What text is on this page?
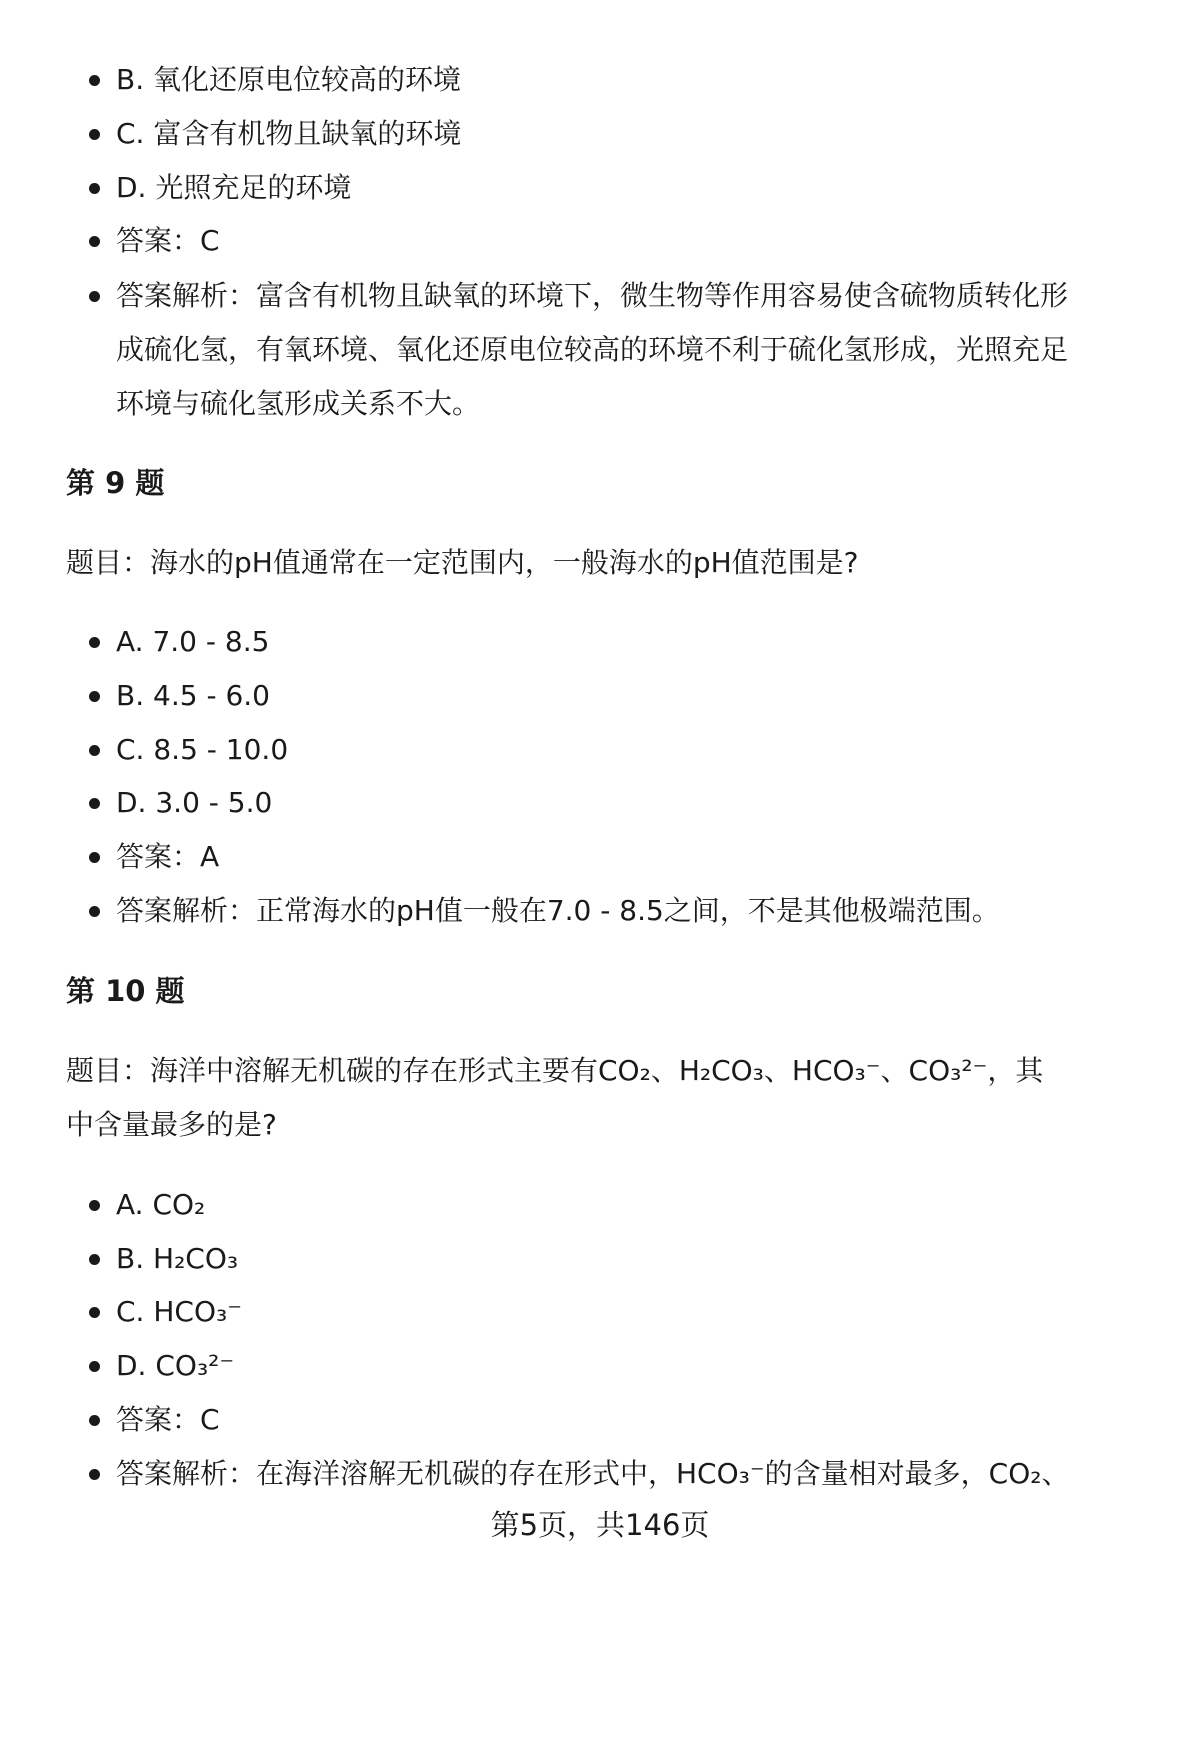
B. 氧化还原电位较高的环境
C. 富含有机物且缺氧的环境
D. 光照充足的环境
答案：C
答案解析：富含有机物且缺氧的环境下，微生物等作用容易使含硫物质转化形
成硫化氢，有氧环境、氧化还原电位较高的环境不利于硫化氢形成，光照充足
环境与硫化氢形成关系不大。
第 9 题
题目：海水的pH值通常在一定范围内，一般海水的pH值范围是?
A. 7.0 - 8.5
B. 4.5 - 6.0
C. 8.5 - 10.0
D. 3.0 - 5.0
答案：A
答案解析：正常海水的pH值一般在7.0 - 8.5之间，不是其他极端范围。
第 10 题
题目：海洋中溶解无机碳的存在形式主要有CO₂、H₂CO₃、HCO₃⁻、CO₃²⁻，其
中含量最多的是?
A. CO₂
B. H₂CO₃
C. HCO₃⁻
D. CO₃²⁻
答案：C
答案解析：在海洋溶解无机碳的存在形式中，HCO₃⁻的含量相对最多，CO₂、
第5页，共146页
